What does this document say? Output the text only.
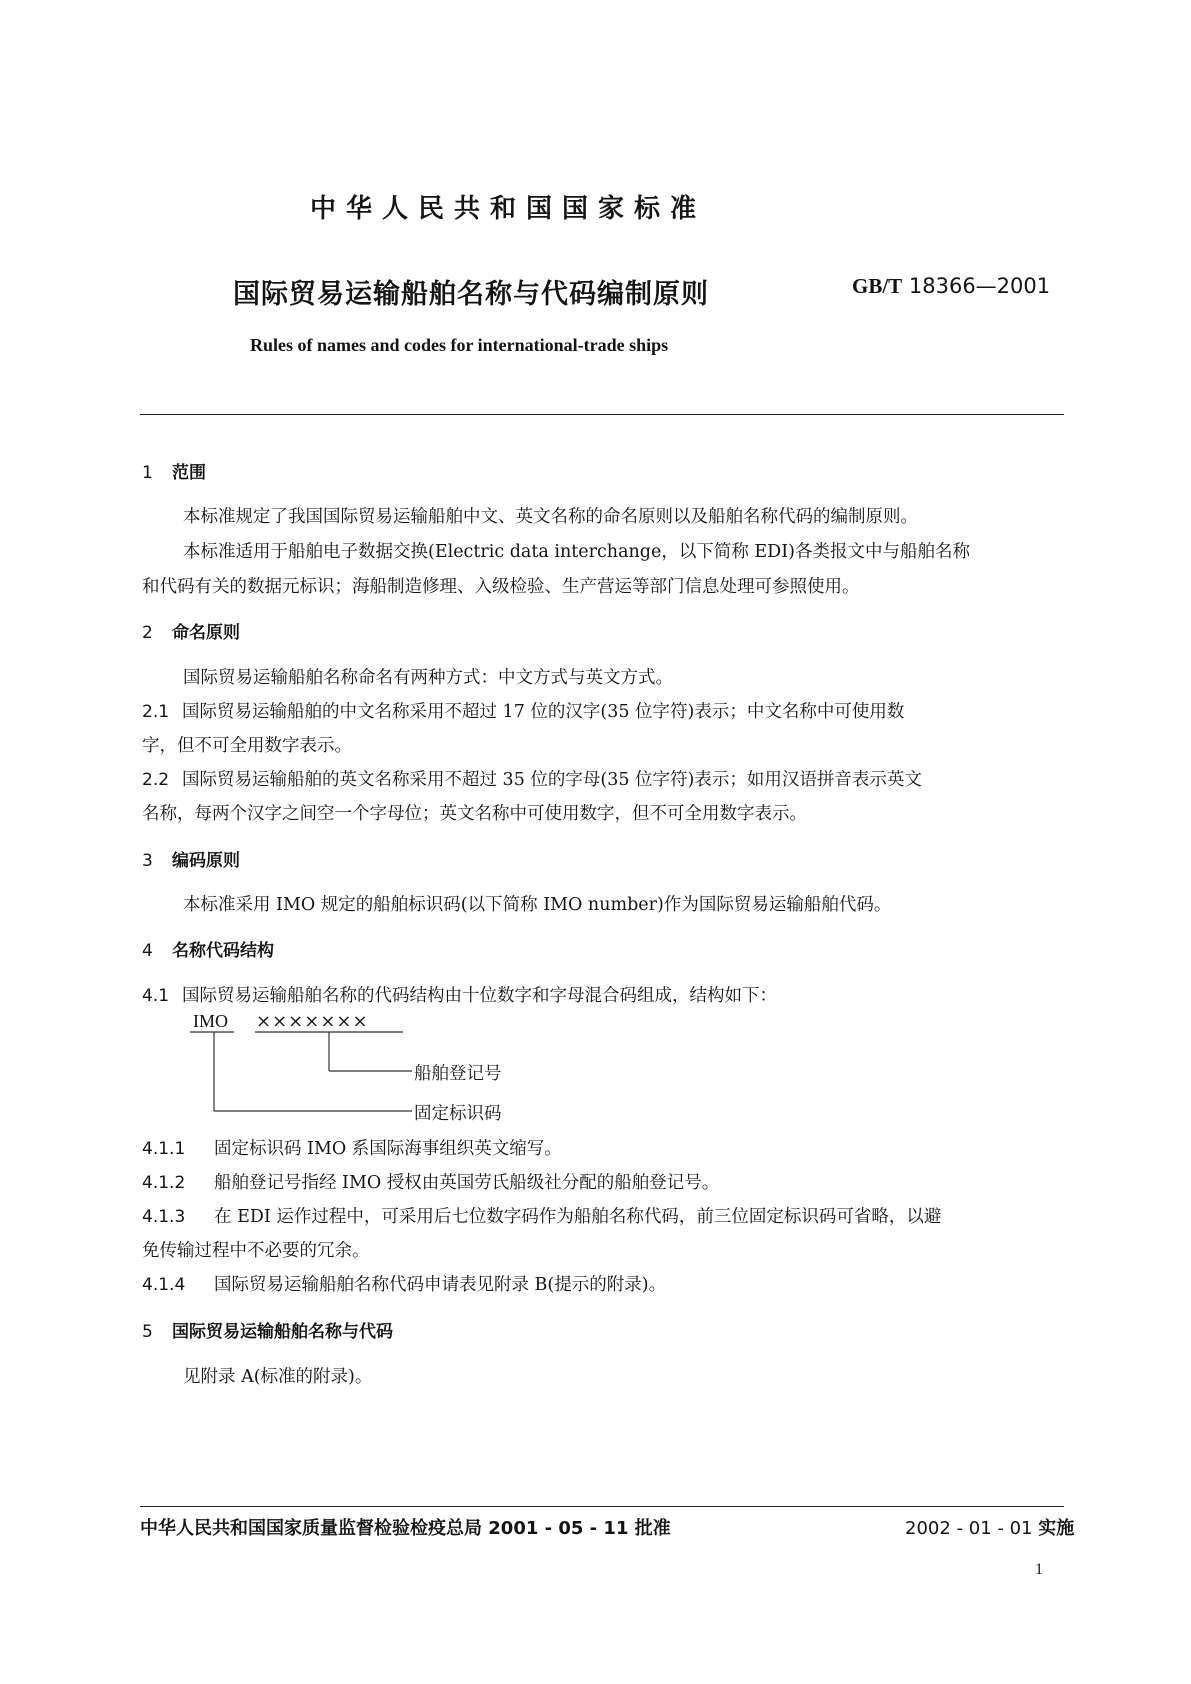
中华人民共和国国家标准
国际贸易运输船舶名称与代码编制原则	GB/T 18366—2001
Rules of names and codes for international-trade ships
1 范围
本标准规定了我国国际贸易运输船舶中文、英文名称的命名原则以及船舶名称代码的编制原则。
本标准适用于船舶电子数据交换(Electric data interchange，以下简称 EDI)各类报文中与船舶名称
和代码有关的数据元标识；海船制造修理、入级检验、生产营运等部门信息处理可参照使用。
2 命名原则
国际贸易运输船舶名称命名有两种方式：中文方式与英文方式。
2.1 国际贸易运输船舶的中文名称采用不超过 17 位的汉字(35 位字符)表示；中文名称中可使用数
字，但不可全用数字表示。
2.2 国际贸易运输船舶的英文名称采用不超过 35 位的字母(35 位字符)表示；如用汉语拼音表示英文
名称，每两个汉字之间空一个字母位；英文名称中可使用数字，但不可全用数字表示。
3 编码原则
本标准采用 IMO 规定的船舶标识码(以下简称 IMO number)作为国际贸易运输船舶代码。
4 名称代码结构
4.1 国际贸易运输船舶名称的代码结构由十位数字和字母混合码组成，结构如下：
IMO ×××××××
船舶登记号
固定标识码
4.1.1 固定标识码 IMO 系国际海事组织英文缩写。
4.1.2 船舶登记号指经 IMO 授权由英国劳氏船级社分配的船舶登记号。
4.1.3 在 EDI 运作过程中，可采用后七位数字码作为船舶名称代码，前三位固定标识码可省略，以避
免传输过程中不必要的冗余。
4.1.4 国际贸易运输船舶名称代码申请表见附录 B(提示的附录)。
5 国际贸易运输船舶名称与代码
见附录 A(标准的附录)。
中华人民共和国国家质量监督检验检疫总局 2001 - 05 - 11 批准	2002 - 01 - 01 实施
1
